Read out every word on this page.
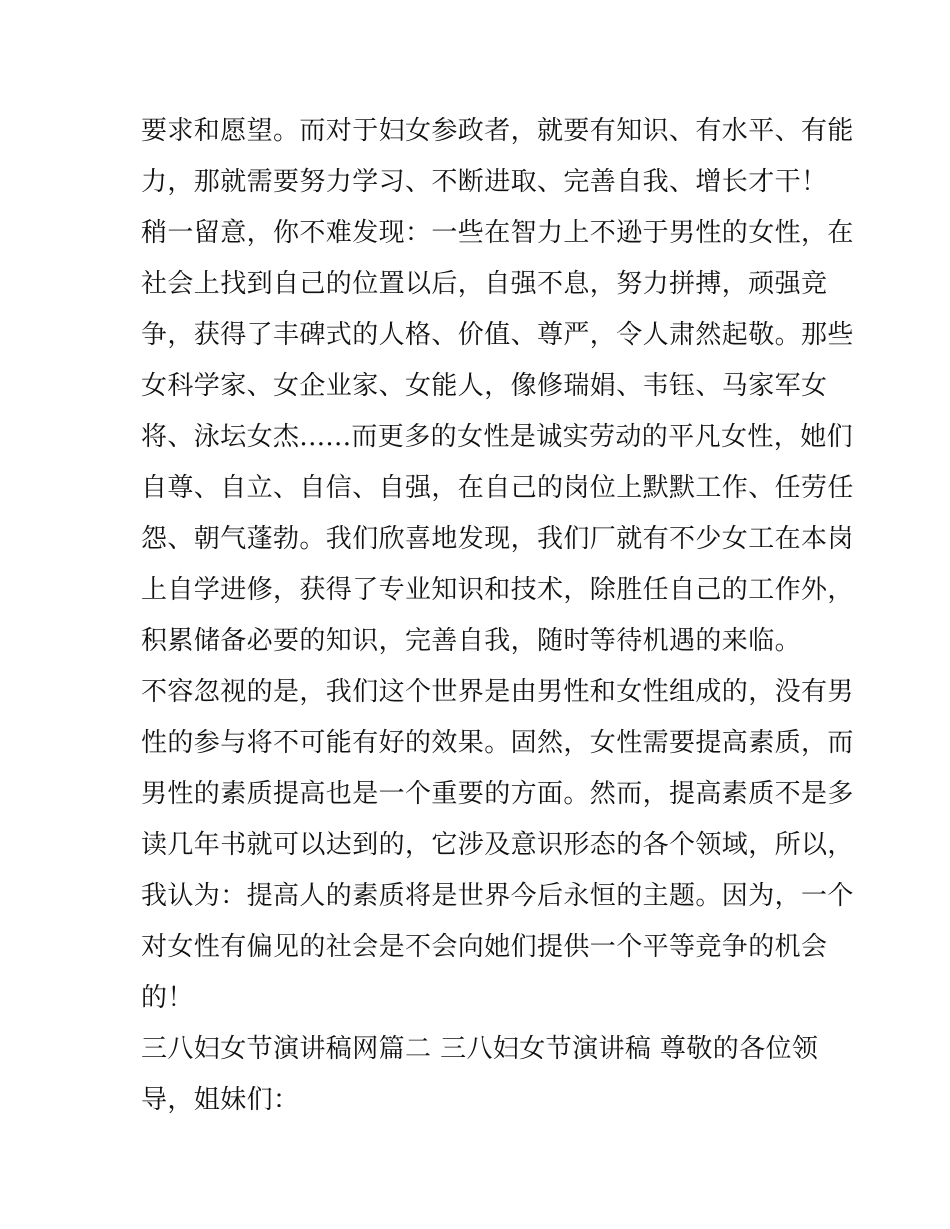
要求和愿望。而对于妇女参政者，就要有知识、有水平、有能
力，那就需要努力学习、不断进取、完善自我、增长才干！
稍一留意，你不难发现：一些在智力上不逊于男性的女性，在
社会上找到自己的位置以后，自强不息，努力拼搏，顽强竞
争，获得了丰碑式的人格、价值、尊严，令人肃然起敬。那些
女科学家、女企业家、女能人，像修瑞娟、韦钰、马家军女
将、泳坛女杰......而更多的女性是诚实劳动的平凡女性，她们
自尊、自立、自信、自强，在自己的岗位上默默工作、任劳任
怨、朝气蓬勃。我们欣喜地发现，我们厂就有不少女工在本岗
上自学进修，获得了专业知识和技术，除胜任自己的工作外，
积累储备必要的知识，完善自我，随时等待机遇的来临。
不容忽视的是，我们这个世界是由男性和女性组成的，没有男
性的参与将不可能有好的效果。固然，女性需要提高素质，而
男性的素质提高也是一个重要的方面。然而，提高素质不是多
读几年书就可以达到的，它涉及意识形态的各个领域，所以，
我认为：提高人的素质将是世界今后永恒的主题。因为，一个
对女性有偏见的社会是不会向她们提供一个平等竞争的机会
的！
三八妇女节演讲稿网篇二 三八妇女节演讲稿 尊敬的各位领
导，姐妹们：
